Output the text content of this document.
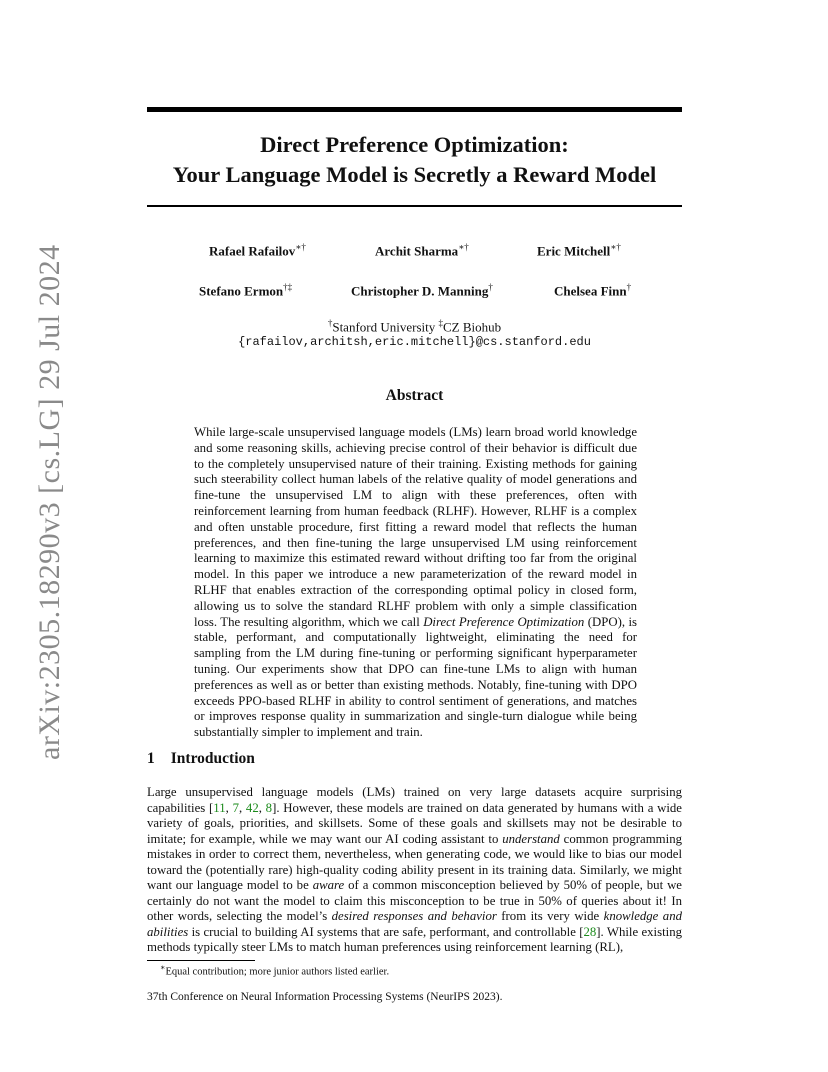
arXiv:2305.18290v3 [cs.LG] 29 Jul 2024
Direct Preference Optimization:
Your Language Model is Secretly a Reward Model
Rafael Rafailov∗†	Archit Sharma∗†	Eric Mitchell∗†
Stefano Ermon†‡	Christopher D. Manning†	Chelsea Finn†
†Stanford University ‡CZ Biohub
{rafailov,architsh,eric.mitchell}@cs.stanford.edu
Abstract
While large-scale unsupervised language models (LMs) learn broad world knowledge and some reasoning skills, achieving precise control of their behavior is difficult due to the completely unsupervised nature of their training. Existing methods for gaining such steerability collect human labels of the relative quality of model generations and fine-tune the unsupervised LM to align with these preferences, often with reinforcement learning from human feedback (RLHF). However, RLHF is a complex and often unstable procedure, first fitting a reward model that reflects the human preferences, and then fine-tuning the large unsupervised LM using reinforcement learning to maximize this estimated reward without drifting too far from the original model. In this paper we introduce a new parameterization of the reward model in RLHF that enables extraction of the corresponding optimal policy in closed form, allowing us to solve the standard RLHF problem with only a simple classification loss. The resulting algorithm, which we call Direct Preference Optimization (DPO), is stable, performant, and computationally lightweight, eliminating the need for sampling from the LM during fine-tuning or performing significant hyperparameter tuning. Our experiments show that DPO can fine-tune LMs to align with human preferences as well as or better than existing methods. Notably, fine-tuning with DPO exceeds PPO-based RLHF in ability to control sentiment of generations, and matches or improves response quality in summarization and single-turn dialogue while being substantially simpler to implement and train.
1 Introduction
Large unsupervised language models (LMs) trained on very large datasets acquire surprising capabilities [11, 7, 42, 8]. However, these models are trained on data generated by humans with a wide variety of goals, priorities, and skillsets. Some of these goals and skillsets may not be desirable to imitate; for example, while we may want our AI coding assistant to understand common programming mistakes in order to correct them, nevertheless, when generating code, we would like to bias our model toward the (potentially rare) high-quality coding ability present in its training data. Similarly, we might want our language model to be aware of a common misconception believed by 50% of people, but we certainly do not want the model to claim this misconception to be true in 50% of queries about it! In other words, selecting the model’s desired responses and behavior from its very wide knowledge and abilities is crucial to building AI systems that are safe, performant, and controllable [28]. While existing methods typically steer LMs to match human preferences using reinforcement learning (RL),
∗Equal contribution; more junior authors listed earlier.
37th Conference on Neural Information Processing Systems (NeurIPS 2023).
